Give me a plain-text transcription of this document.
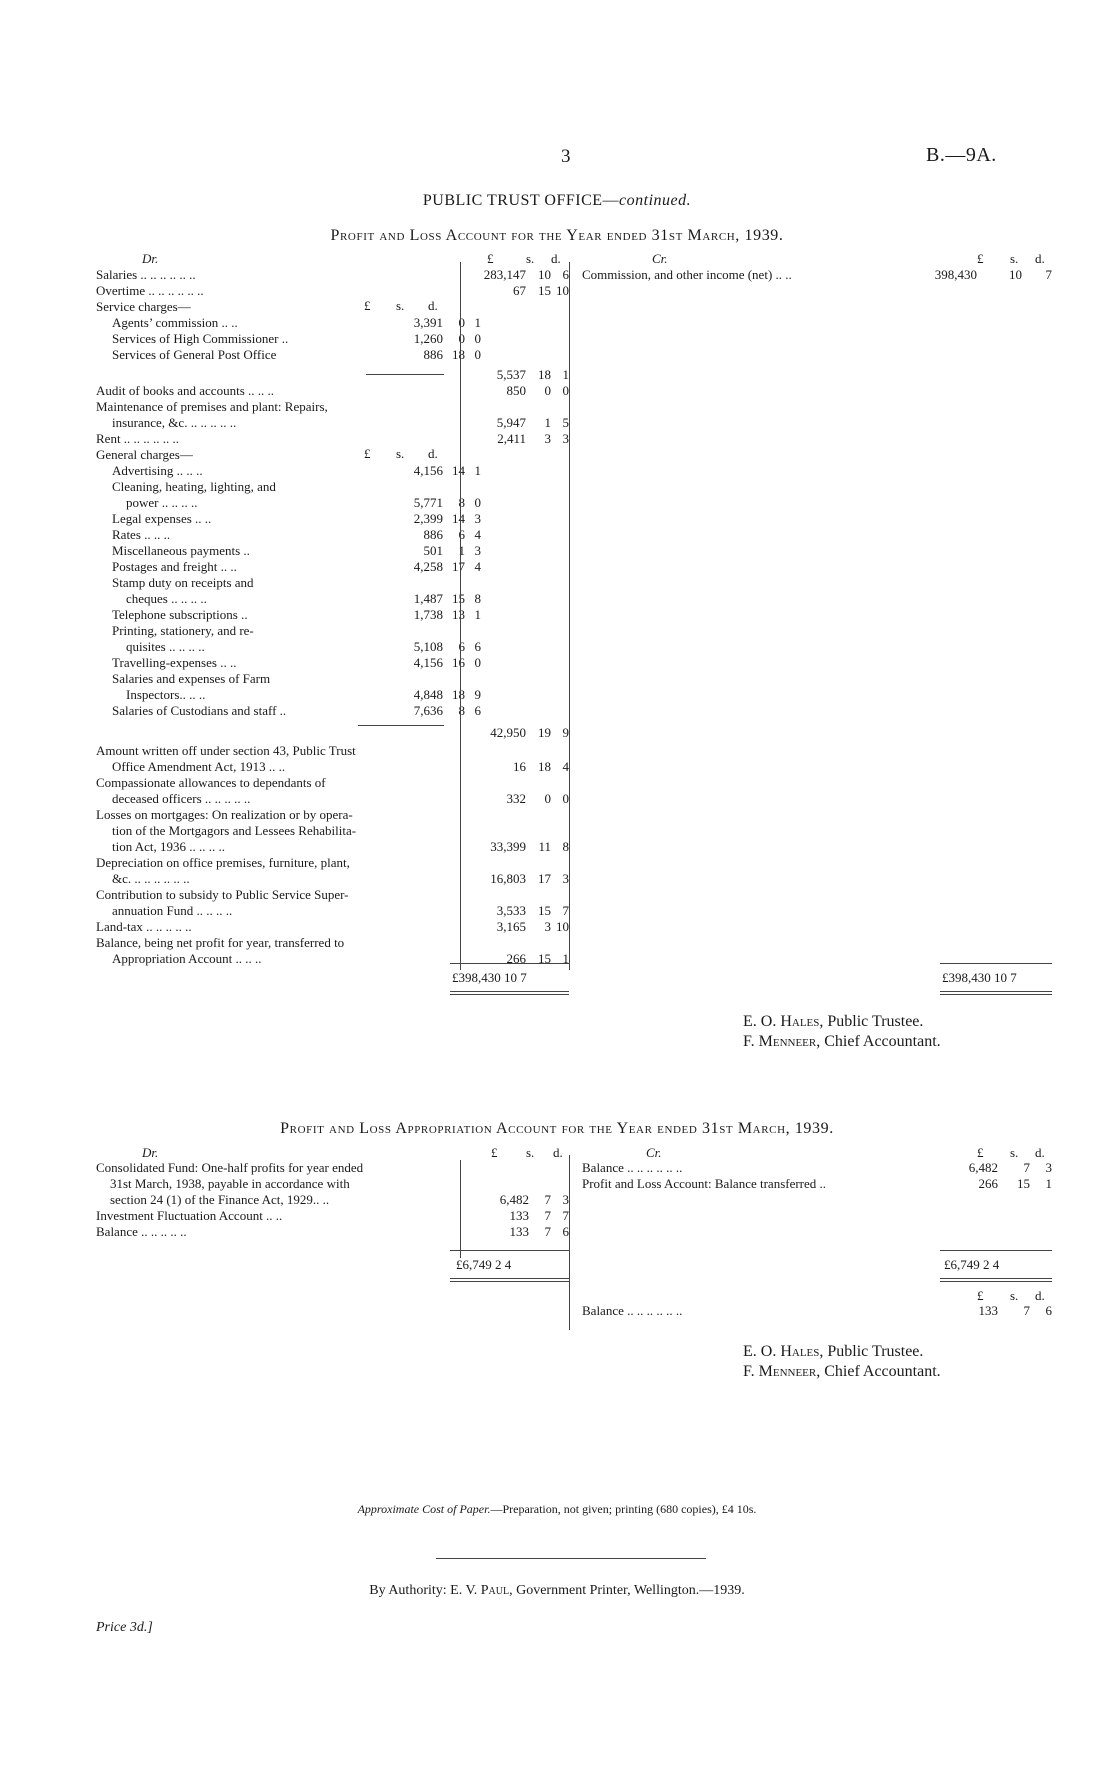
3	B.—9A.
PUBLIC TRUST OFFICE—continued.
Profit and Loss Account for the Year ended 31st March, 1939.
Dr.	£	s. d.	Cr.	£ s. d.
£ s. d.
£ s. d.
Salaries .. .. .. .. .. ..	283,147 10 6
Overtime .. .. .. .. .. ..	67 15 10
Service charges—
Agents’ commission .. ..	3,391 0 1
Services of High Commissioner ..	1,260 0 0
Services of General Post Office	886 18 0
5,537 18 1
Audit of books and accounts .. .. ..	850 0 0
Maintenance of premises and plant: Repairs,
insurance, &c. .. .. .. .. ..	5,947 1 5
Rent .. .. .. .. .. ..	2,411 3 3
General charges—
Advertising .. .. ..	4,156 14 1
Cleaning, heating, lighting, and
power .. .. .. ..	5,771 8 0
Legal expenses .. ..	2,399 14 3
Rates .. .. ..	886 6 4
Miscellaneous payments ..	501 1 3
Postages and freight .. ..	4,258 17 4
Stamp duty on receipts and
cheques .. .. .. ..	1,487 15 8
Telephone subscriptions ..	1,738 13 1
Printing, stationery, and re-
quisites .. .. .. ..	5,108 6 6
Travelling-expenses .. ..	4,156 16 0
Salaries and expenses of Farm
Inspectors.. .. ..	4,848 18 9
Salaries of Custodians and staff ..	7,636 8 6
42,950 19 9
Amount written off under section 43, Public Trust
Office Amendment Act, 1913 .. ..	16 18 4
Compassionate allowances to dependants of
deceased officers .. .. .. .. ..	332 0 0
Losses on mortgages: On realization or by opera-
tion of the Mortgagors and Lessees Rehabilita-
tion Act, 1936 .. .. .. ..	33,399 11 8
Depreciation on office premises, furniture, plant,
&c. .. .. .. .. .. ..	16,803 17 3
Contribution to subsidy to Public Service Super-
annuation Fund .. .. .. ..	3,533 15 7
Land-tax .. .. .. .. ..	3,165 3 10
Balance, being net profit for year, transferred to
Appropriation Account .. .. ..	266 15 1
Commission, and other income (net) .. ..	398,430 10 7
£398,430 10 7	£398,430 10 7
E. O. Hales, Public Trustee.
F. Menneer, Chief Accountant.
Profit and Loss Appropriation Account for the Year ended 31st March, 1939.
Dr.	£ s. d.	Cr.	£ s. d.
Consolidated Fund: One-half profits for year ended
31st March, 1938, payable in accordance with
section 24 (1) of the Finance Act, 1929.. ..	6,482 7 3
Investment Fluctuation Account .. ..	133 7 7
Balance .. .. .. .. ..	133 7 6
Balance .. .. .. .. .. ..	6,482 7 3
Profit and Loss Account: Balance transferred ..	266 15 1
£6,749 2 4	£6,749 2 4
£ s. d.
Balance .. .. .. .. .. ..	133 7 6
E. O. Hales, Public Trustee.
F. Menneer, Chief Accountant.
Approximate Cost of Paper.—Preparation, not given; printing (680 copies), £4 10s.
By Authority: E. V. Paul, Government Printer, Wellington.—1939.
Price 3d.]
